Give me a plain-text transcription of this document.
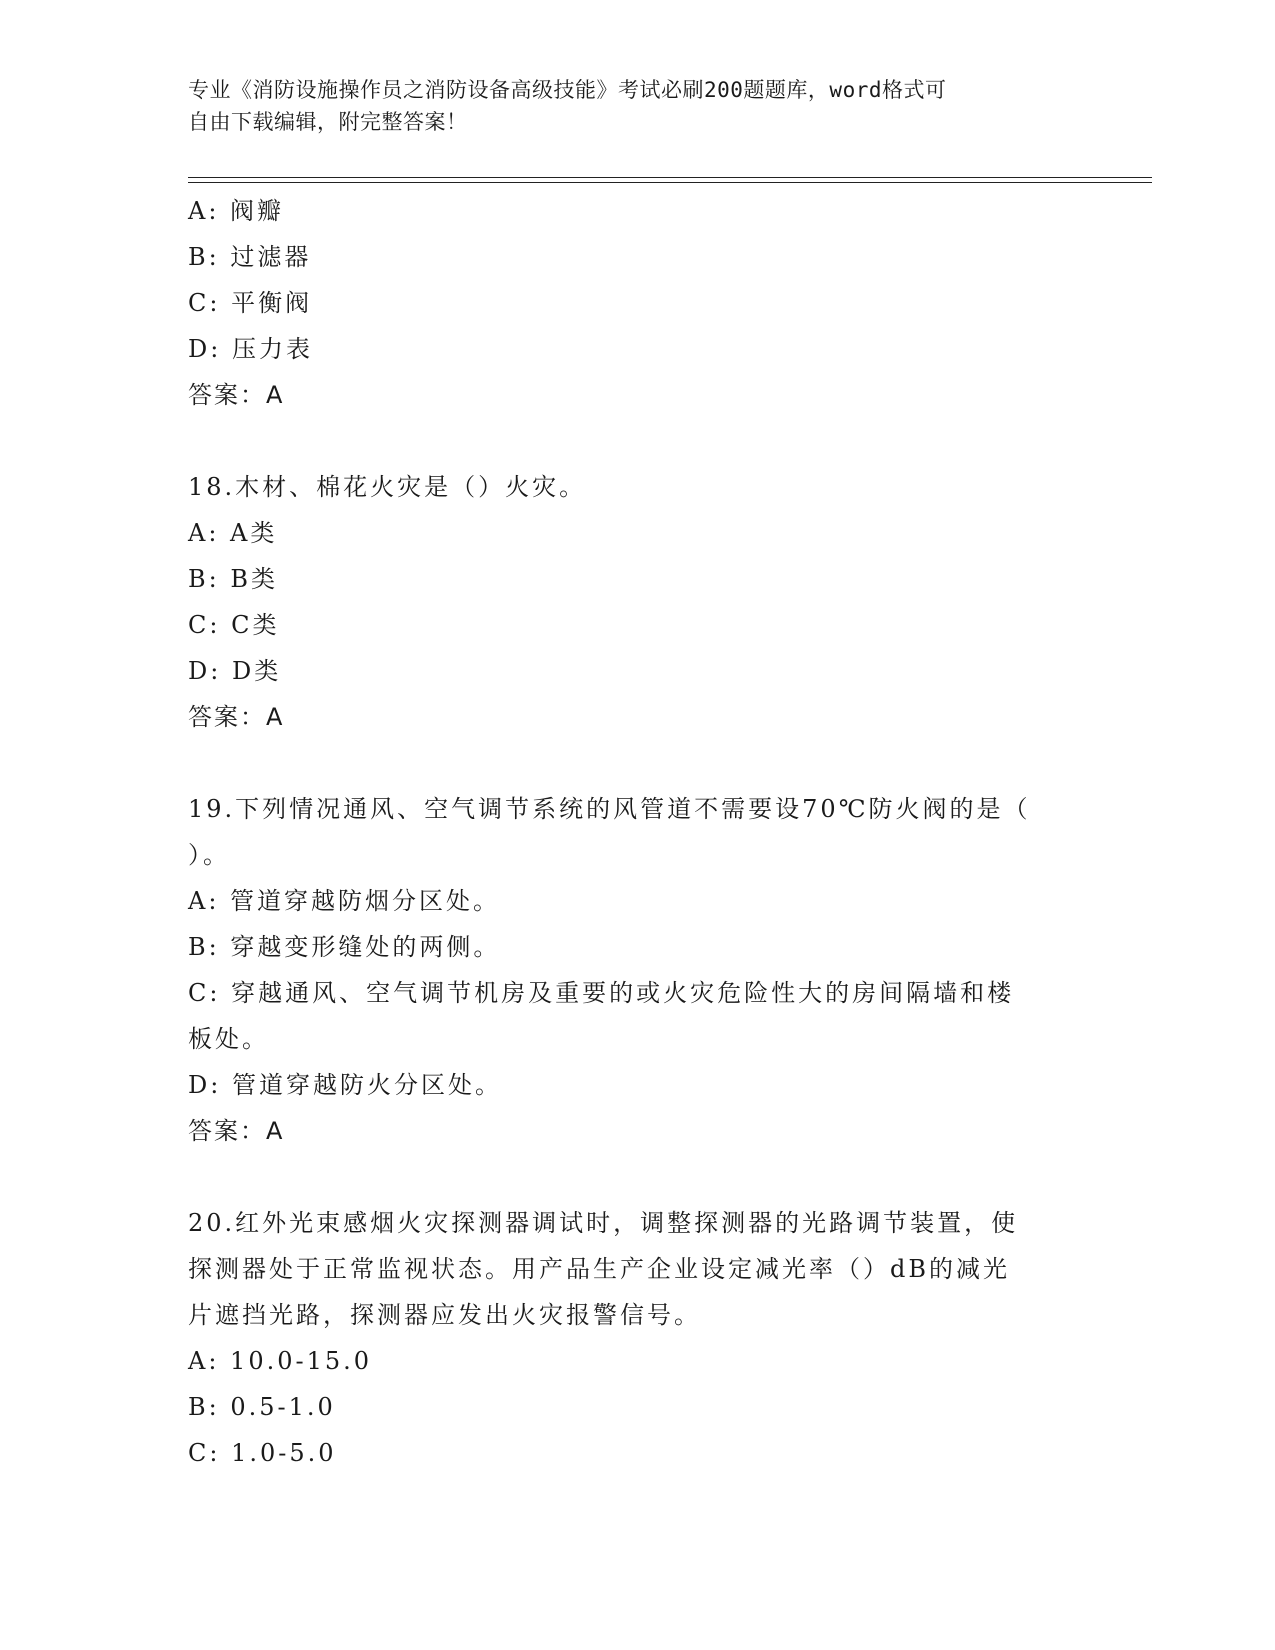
专业《消防设施操作员之消防设备高级技能》考试必刷200题题库，word格式可
自由下载编辑，附完整答案！
A: 阀瓣
B: 过滤器
C: 平衡阀
D: 压力表
答案：A
18.木材、棉花火灾是（）火灾。
A: A类
B: B类
C: C类
D: D类
答案：A
19.下列情况通风、空气调节系统的风管道不需要设70℃防火阀的是（
）。
A: 管道穿越防烟分区处。
B: 穿越变形缝处的两侧。
C: 穿越通风、空气调节机房及重要的或火灾危险性大的房间隔墙和楼
板处。
D: 管道穿越防火分区处。
答案：A
20.红外光束感烟火灾探测器调试时，调整探测器的光路调节装置，使
探测器处于正常监视状态。用产品生产企业设定减光率（）dB的减光
片遮挡光路，探测器应发出火灾报警信号。
A: 10.0-15.0
B: 0.5-1.0
C: 1.0-5.0
